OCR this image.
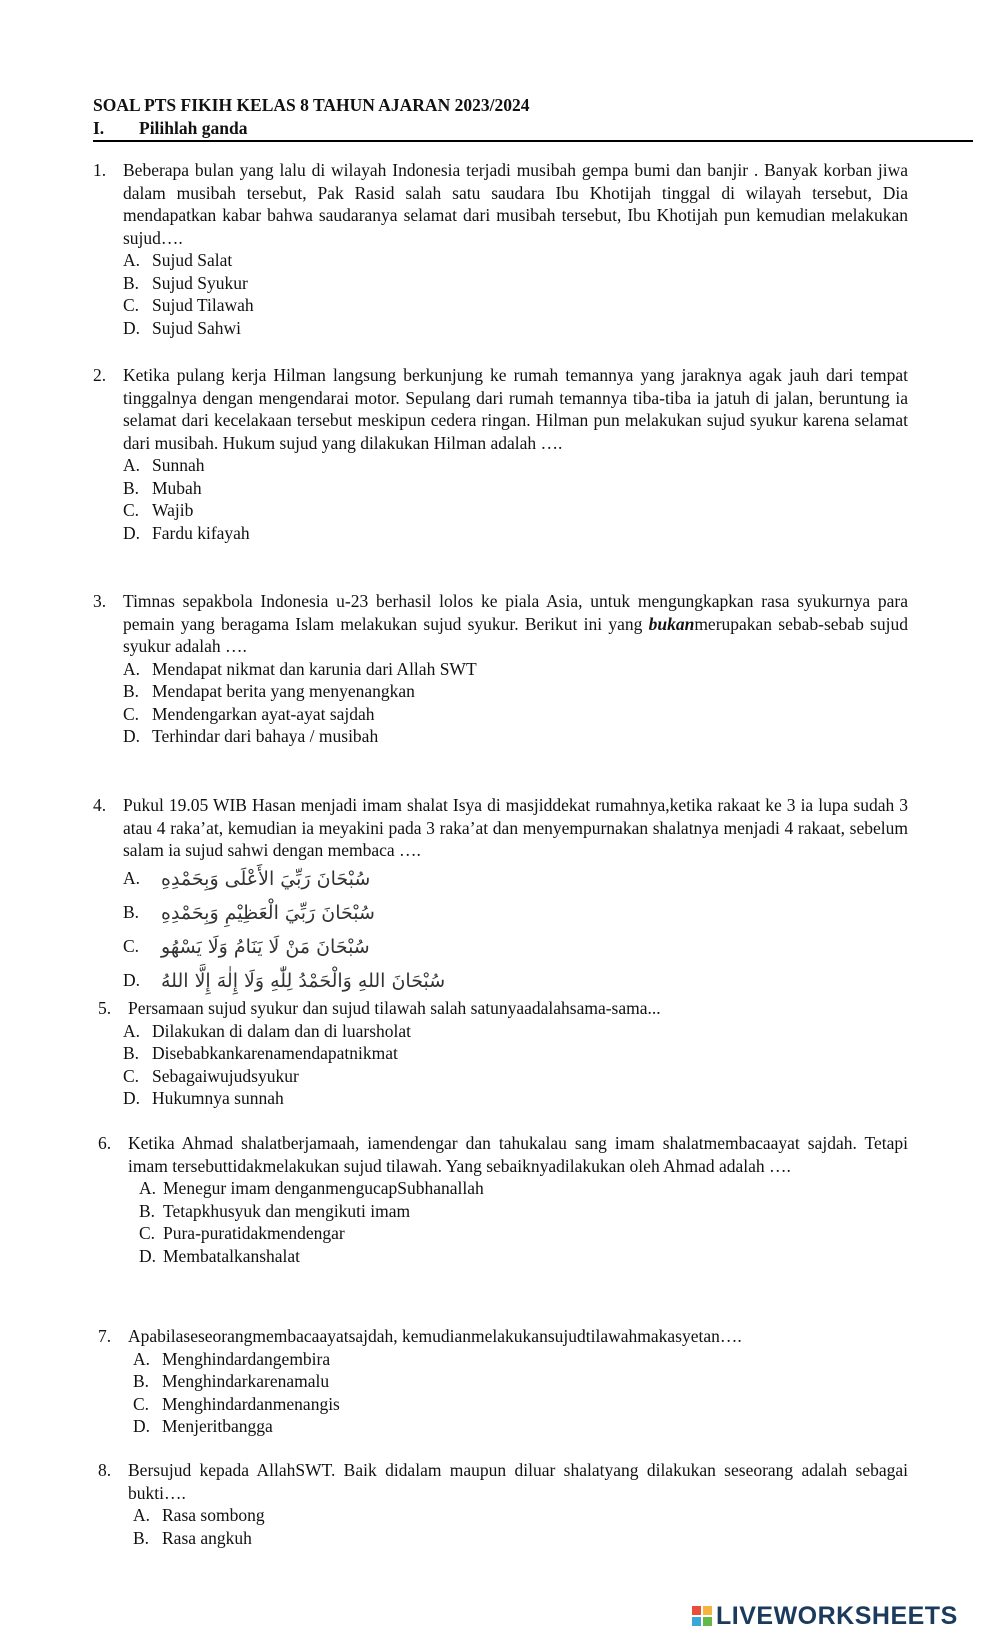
SOAL PTS FIKIH KELAS 8 TAHUN AJARAN 2023/2024
I. Pilihlah ganda
1. Beberapa bulan yang lalu di wilayah Indonesia terjadi musibah gempa bumi dan banjir . Banyak korban jiwa dalam musibah tersebut, Pak Rasid salah satu saudara Ibu Khotijah tinggal di wilayah tersebut, Dia mendapatkan kabar bahwa saudaranya selamat dari musibah tersebut, Ibu Khotijah pun kemudian melakukan sujud….
A. Sujud Salat
B. Sujud Syukur
C. Sujud Tilawah
D. Sujud Sahwi
2. Ketika pulang kerja Hilman langsung berkunjung ke rumah temannya yang jaraknya agak jauh dari tempat tinggalnya dengan mengendarai motor. Sepulang dari rumah temannya tiba-tiba ia jatuh di jalan, beruntung ia selamat dari kecelakaan tersebut meskipun cedera ringan. Hilman pun melakukan sujud syukur karena selamat dari musibah. Hukum sujud yang dilakukan Hilman adalah ….
A. Sunnah
B. Mubah
C. Wajib
D. Fardu kifayah
3. Timnas sepakbola Indonesia u-23 berhasil lolos ke piala Asia, untuk mengungkapkan rasa syukurnya para pemain yang beragama Islam melakukan sujud syukur. Berikut ini yang bukanmerupakan sebab-sebab sujud syukur adalah ….
A. Mendapat nikmat dan karunia dari Allah SWT
B. Mendapat berita yang menyenangkan
C. Mendengarkan ayat-ayat sajdah
D. Terhindar dari bahaya / musibah
4. Pukul 19.05 WIB Hasan menjadi imam shalat Isya di masjiddekat rumahnya,ketika rakaat ke 3 ia lupa sudah 3 atau 4 raka’at, kemudian ia meyakini pada 3 raka’at dan menyempurnakan shalatnya menjadi 4 rakaat, sebelum salam ia sujud sahwi dengan membaca ….
A.	سُبْحَانَ رَبِّيَ الأَعْلَى وَبِحَمْدِهِ
B.	سُبْحَانَ رَبِّيَ الْعَظِيْمِ وَبِحَمْدِهِ
C.	سُبْحَانَ مَنْ لَا يَنَامُ وَلَا يَسْهُو
D.	سُبْحَانَ اللهِ وَالْحَمْدُ لِلّٰهِ وَلَا إِلٰهَ إِلَّا اللهُ
5. Persamaan sujud syukur dan sujud tilawah salah satunyaadalahsama-sama...
A. Dilakukan di dalam dan di luarsholat
B. Disebabkankarenamendapatnikmat
C. Sebagaiwujudsyukur
D. Hukumnya sunnah
6. Ketika Ahmad shalatberjamaah, iamendengar dan tahukalau sang imam shalatmembacaayat sajdah. Tetapi imam tersebuttidakmelakukan sujud tilawah. Yang sebaiknyadilakukan oleh Ahmad adalah ….
A. Menegur imam denganmengucapSubhanallah
B. Tetapkhusyuk dan mengikuti imam
C. Pura-puratidakmendengar
D. Membatalkanshalat
7. Apabilaseseorangmembacaayatsajdah, kemudianmelakukansujudtilawahmakasyetan….
A. Menghindardangembira
B. Menghindarkarenamalu
C. Menghindardanmenangis
D. Menjeritbangga
8. Bersujud kepada AllahSWT. Baik didalam maupun diluar shalatyang dilakukan seseorang adalah sebagai bukti….
A. Rasa sombong
B. Rasa angkuh
LIVEWORKSHEETS
